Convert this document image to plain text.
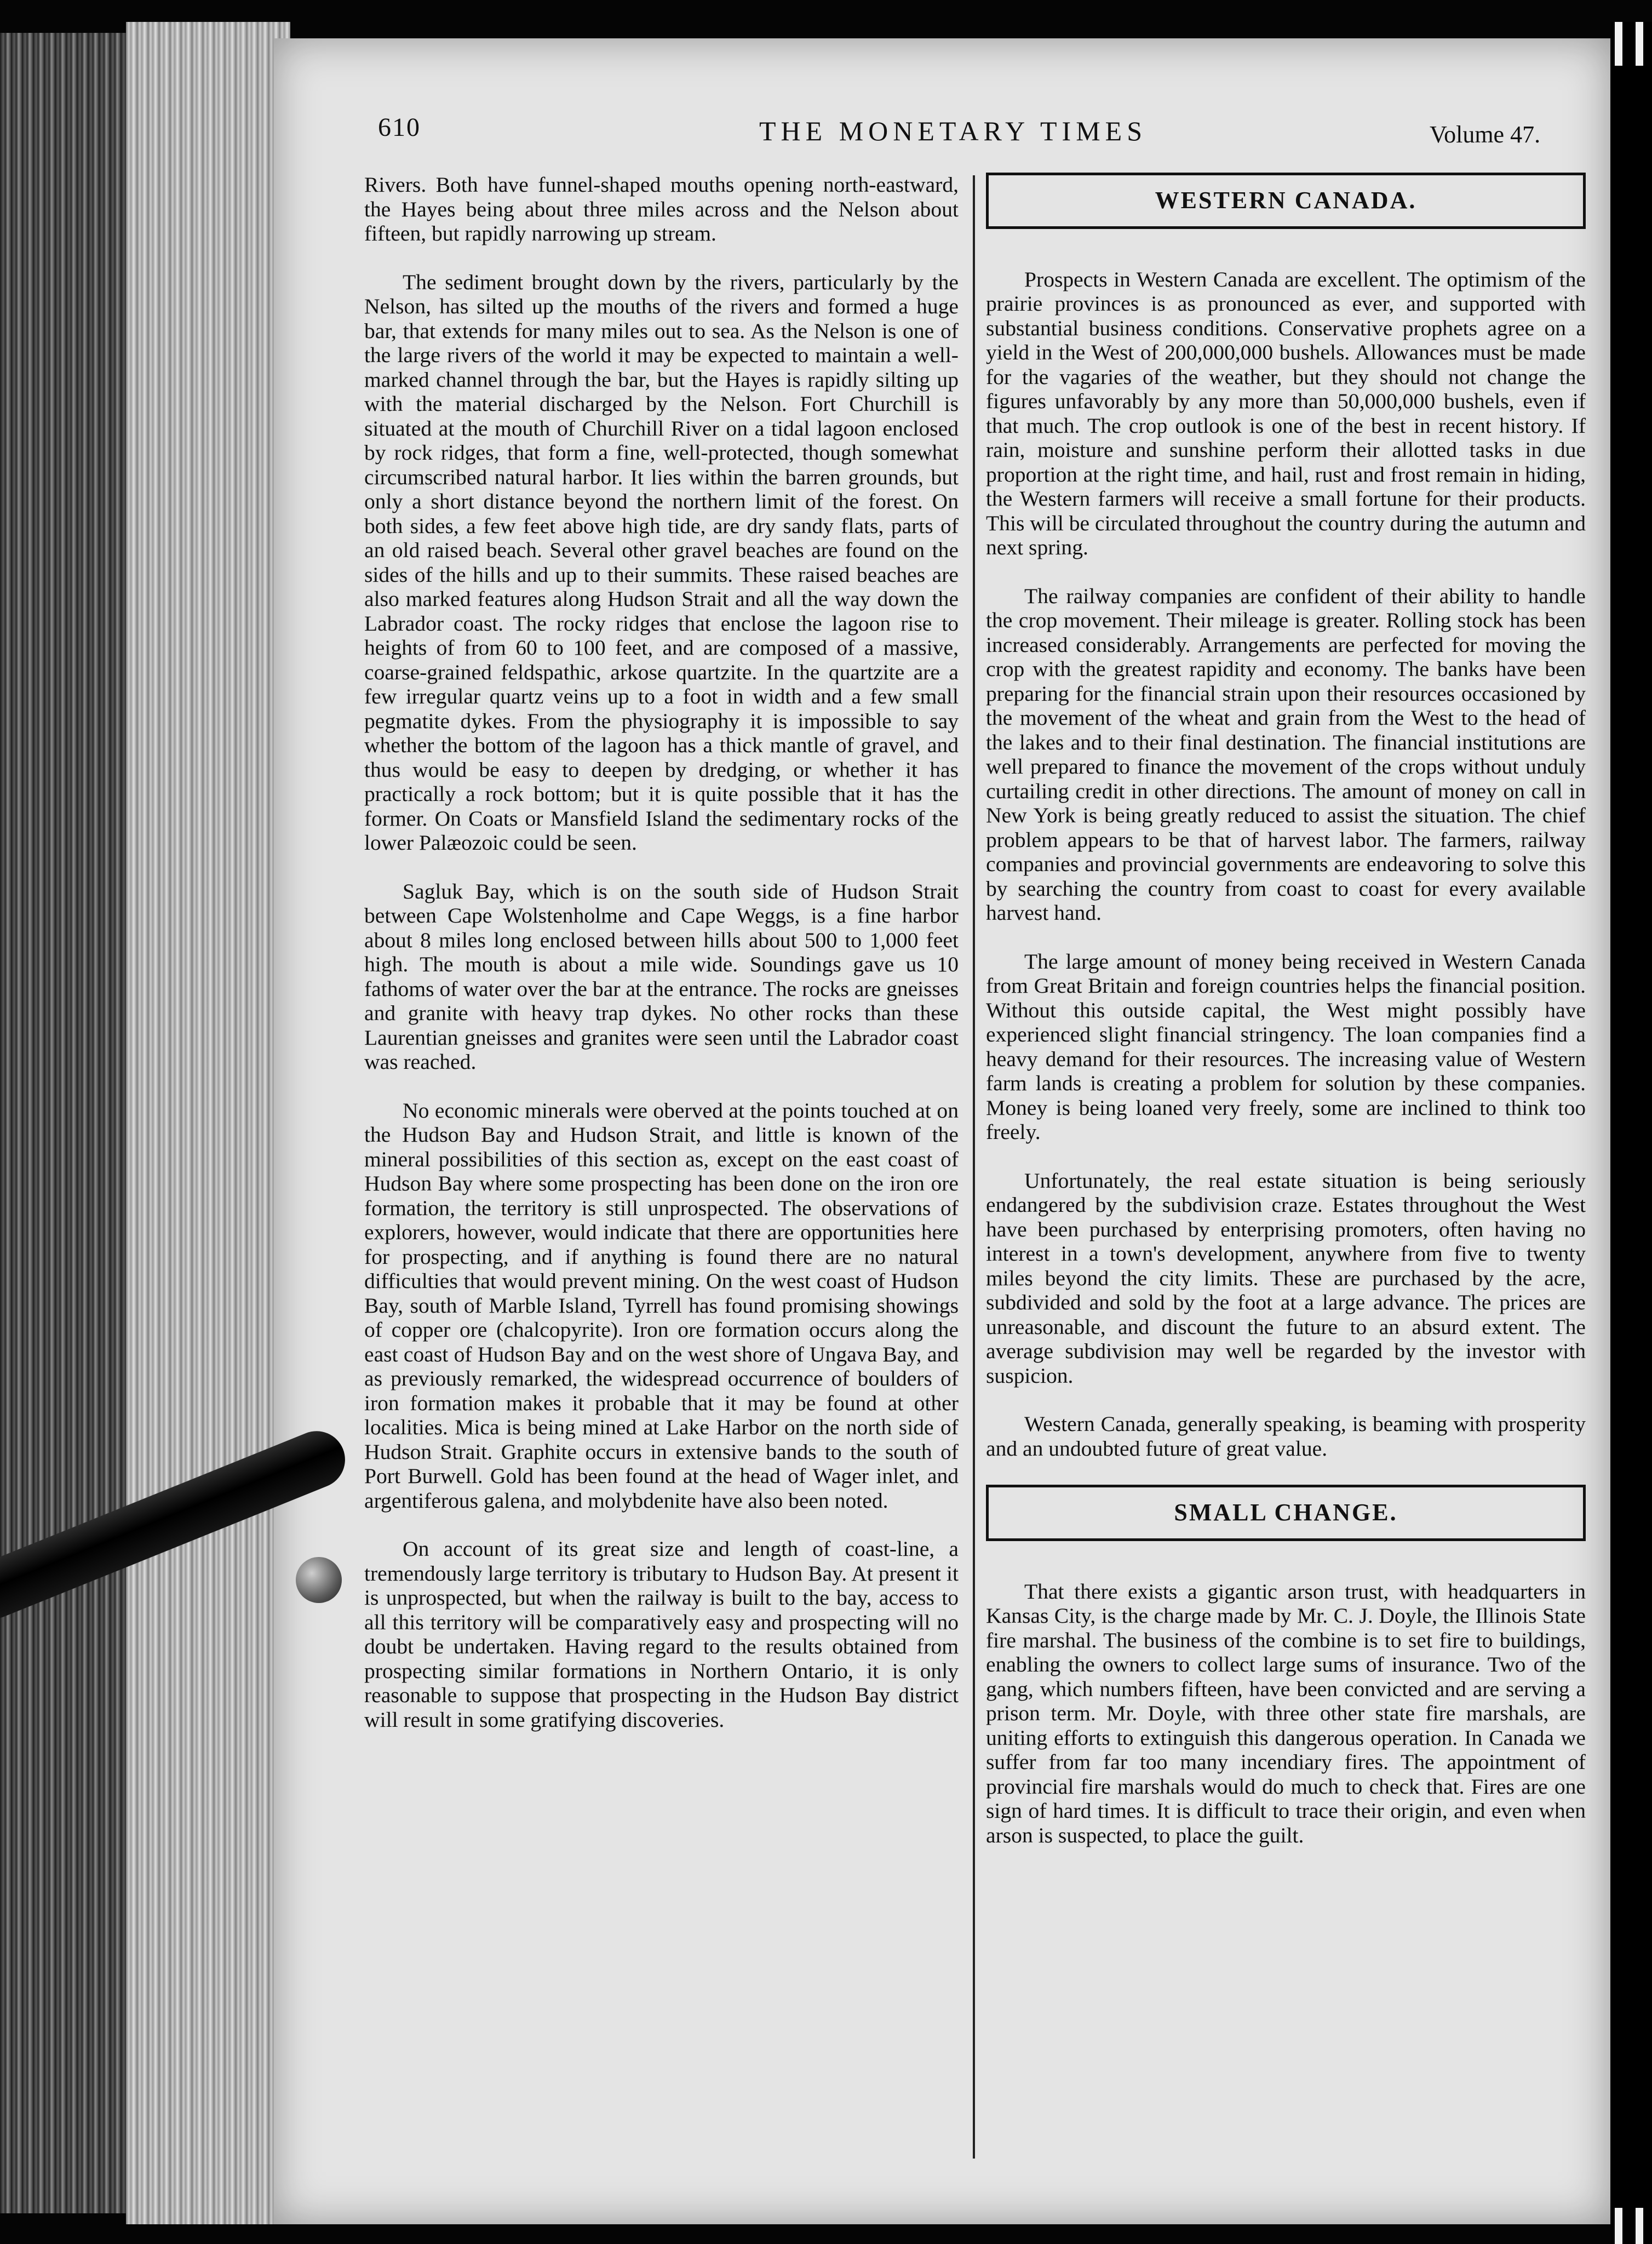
610	THE MONETARY TIMES	Volume 47.

Rivers. Both have funnel-shaped mouths opening north-eastward, the Hayes being about three miles across and the Nelson about fifteen, but rapidly narrowing up stream.

The sediment brought down by the rivers, particularly by the Nelson, has silted up the mouths of the rivers and formed a huge bar, that extends for many miles out to sea. As the Nelson is one of the large rivers of the world it may be expected to maintain a well-marked channel through the bar, but the Hayes is rapidly silting up with the material discharged by the Nelson. Fort Churchill is situated at the mouth of Churchill River on a tidal lagoon enclosed by rock ridges, that form a fine, well-protected, though somewhat circumscribed natural harbor. It lies within the barren grounds, but only a short distance beyond the northern limit of the forest. On both sides, a few feet above high tide, are dry sandy flats, parts of an old raised beach. Several other gravel beaches are found on the sides of the hills and up to their summits. These raised beaches are also marked features along Hudson Strait and all the way down the Labrador coast. The rocky ridges that enclose the lagoon rise to heights of from 60 to 100 feet, and are composed of a massive, coarse-grained feldspathic, arkose quartzite. In the quartzite are a few irregular quartz veins up to a foot in width and a few small pegmatite dykes. From the physiography it is impossible to say whether the bottom of the lagoon has a thick mantle of gravel, and thus would be easy to deepen by dredging, or whether it has practically a rock bottom; but it is quite possible that it has the former. On Coats or Mansfield Island the sedimentary rocks of the lower Palæozoic could be seen.

Sagluk Bay, which is on the south side of Hudson Strait between Cape Wolstenholme and Cape Weggs, is a fine harbor about 8 miles long enclosed between hills about 500 to 1,000 feet high. The mouth is about a mile wide. Soundings gave us 10 fathoms of water over the bar at the entrance. The rocks are gneisses and granite with heavy trap dykes. No other rocks than these Laurentian gneisses and granites were seen until the Labrador coast was reached.

No economic minerals were oberved at the points touched at on the Hudson Bay and Hudson Strait, and little is known of the mineral possibilities of this section as, except on the east coast of Hudson Bay where some prospecting has been done on the iron ore formation, the territory is still unprospected. The observations of explorers, however, would indicate that there are opportunities here for prospecting, and if anything is found there are no natural difficulties that would prevent mining. On the west coast of Hudson Bay, south of Marble Island, Tyrrell has found promising showings of copper ore (chalcopyrite). Iron ore formation occurs along the east coast of Hudson Bay and on the west shore of Ungava Bay, and as previously remarked, the widespread occurrence of boulders of iron formation makes it probable that it may be found at other localities. Mica is being mined at Lake Harbor on the north side of Hudson Strait. Graphite occurs in extensive bands to the south of Port Burwell. Gold has been found at the head of Wager inlet, and argentiferous galena, and molybdenite have also been noted.

On account of its great size and length of coast-line, a tremendously large territory is tributary to Hudson Bay. At present it is unprospected, but when the railway is built to the bay, access to all this territory will be comparatively easy and prospecting will no doubt be undertaken. Having regard to the results obtained from prospecting similar formations in Northern Ontario, it is only reasonable to suppose that prospecting in the Hudson Bay district will result in some gratifying discoveries.

WESTERN CANADA.

Prospects in Western Canada are excellent. The optimism of the prairie provinces is as pronounced as ever, and supported with substantial business conditions. Conservative prophets agree on a yield in the West of 200,000,000 bushels. Allowances must be made for the vagaries of the weather, but they should not change the figures unfavorably by any more than 50,000,000 bushels, even if that much. The crop outlook is one of the best in recent history. If rain, moisture and sunshine perform their allotted tasks in due proportion at the right time, and hail, rust and frost remain in hiding, the Western farmers will receive a small fortune for their products. This will be circulated throughout the country during the autumn and next spring.

The railway companies are confident of their ability to handle the crop movement. Their mileage is greater. Rolling stock has been increased considerably. Arrangements are perfected for moving the crop with the greatest rapidity and economy. The banks have been preparing for the financial strain upon their resources occasioned by the movement of the wheat and grain from the West to the head of the lakes and to their final destination. The financial institutions are well prepared to finance the movement of the crops without unduly curtailing credit in other directions. The amount of money on call in New York is being greatly reduced to assist the situation. The chief problem appears to be that of harvest labor. The farmers, railway companies and provincial governments are endeavoring to solve this by searching the country from coast to coast for every available harvest hand.

The large amount of money being received in Western Canada from Great Britain and foreign countries helps the financial position. Without this outside capital, the West might possibly have experienced slight financial stringency. The loan companies find a heavy demand for their resources. The increasing value of Western farm lands is creating a problem for solution by these companies. Money is being loaned very freely, some are inclined to think too freely.

Unfortunately, the real estate situation is being seriously endangered by the subdivision craze. Estates throughout the West have been purchased by enterprising promoters, often having no interest in a town's development, anywhere from five to twenty miles beyond the city limits. These are purchased by the acre, subdivided and sold by the foot at a large advance. The prices are unreasonable, and discount the future to an absurd extent. The average subdivision may well be regarded by the investor with suspicion.

Western Canada, generally speaking, is beaming with prosperity and an undoubted future of great value.

SMALL CHANGE.

That there exists a gigantic arson trust, with headquarters in Kansas City, is the charge made by Mr. C. J. Doyle, the Illinois State fire marshal. The business of the combine is to set fire to buildings, enabling the owners to collect large sums of insurance. Two of the gang, which numbers fifteen, have been convicted and are serving a prison term. Mr. Doyle, with three other state fire marshals, are uniting efforts to extinguish this dangerous operation. In Canada we suffer from far too many incendiary fires. The appointment of provincial fire marshals would do much to check that. Fires are one sign of hard times. It is difficult to trace their origin, and even when arson is suspected, to place the guilt.
